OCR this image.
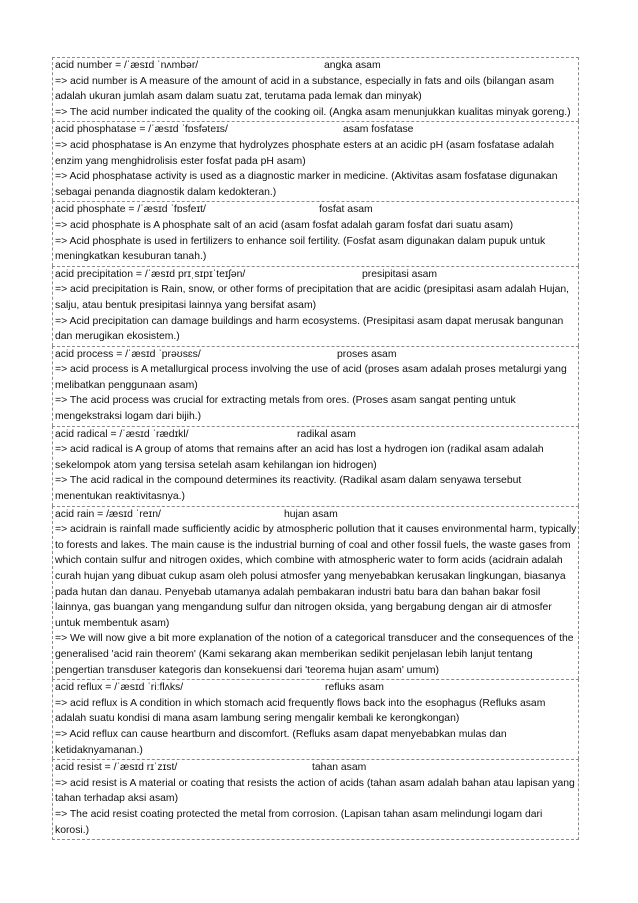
acid number = /ˈæsɪd ˈnʌmbər/	angka asam
=> acid number is A measure of the amount of acid in a substance, especially in fats and oils (bilangan asam adalah ukuran jumlah asam dalam suatu zat, terutama pada lemak dan minyak)
=> The acid number indicated the quality of the cooking oil. (Angka asam menunjukkan kualitas minyak goreng.)
acid phosphatase = /ˈæsɪd ˈfɒsfəteɪs/	asam fosfatase
=> acid phosphatase is An enzyme that hydrolyzes phosphate esters at an acidic pH (asam fosfatase adalah enzim yang menghidrolisis ester fosfat pada pH asam)
=> Acid phosphatase activity is used as a diagnostic marker in medicine. (Aktivitas asam fosfatase digunakan sebagai penanda diagnostik dalam kedokteran.)
acid phosphate = /ˈæsɪd ˈfɒsfeɪt/	fosfat asam
=> acid phosphate is A phosphate salt of an acid (asam fosfat adalah garam fosfat dari suatu asam)
=> Acid phosphate is used in fertilizers to enhance soil fertility. (Fosfat asam digunakan dalam pupuk untuk meningkatkan kesuburan tanah.)
acid precipitation = /ˈæsɪd prɪˌsɪpɪˈteɪʃən/	presipitasi asam
=> acid precipitation is Rain, snow, or other forms of precipitation that are acidic (presipitasi asam adalah Hujan, salju, atau bentuk presipitasi lainnya yang bersifat asam)
=> Acid precipitation can damage buildings and harm ecosystems. (Presipitasi asam dapat merusak bangunan dan merugikan ekosistem.)
acid process = /ˈæsɪd ˈprəʊsɛs/	proses asam
=> acid process is A metallurgical process involving the use of acid (proses asam adalah proses metalurgi yang melibatkan penggunaan asam)
=> The acid process was crucial for extracting metals from ores. (Proses asam sangat penting untuk mengekstraksi logam dari bijih.)
acid radical = /ˈæsɪd ˈrædɪkl/	radikal asam
=> acid radical is A group of atoms that remains after an acid has lost a hydrogen ion (radikal asam adalah sekelompok atom yang tersisa setelah asam kehilangan ion hidrogen)
=> The acid radical in the compound determines its reactivity. (Radikal asam dalam senyawa tersebut menentukan reaktivitasnya.)
acid rain = /æsɪd ˈreɪn/	hujan asam
=> acidrain is rainfall made sufficiently acidic by atmospheric pollution that it causes environmental harm, typically to forests and lakes. The main cause is the industrial burning of coal and other fossil fuels, the waste gases from which contain sulfur and nitrogen oxides, which combine with atmospheric water to form acids (acidrain adalah curah hujan yang dibuat cukup asam oleh polusi atmosfer yang menyebabkan kerusakan lingkungan, biasanya pada hutan dan danau. Penyebab utamanya adalah pembakaran industri batu bara dan bahan bakar fosil lainnya, gas buangan yang mengandung sulfur dan nitrogen oksida, yang bergabung dengan air di atmosfer untuk membentuk asam)
=> We will now give a bit more explanation of the notion of a categorical transducer and the consequences of the generalised 'acid rain theorem' (Kami sekarang akan memberikan sedikit penjelasan lebih lanjut tentang
pengertian transduser kategoris dan konsekuensi dari 'teorema hujan asam' umum)
acid reflux = /ˈæsɪd ˈriːflʌks/	refluks asam
=> acid reflux is A condition in which stomach acid frequently flows back into the esophagus (Refluks asam adalah suatu kondisi di mana asam lambung sering mengalir kembali ke kerongkongan)
=> Acid reflux can cause heartburn and discomfort. (Refluks asam dapat menyebabkan mulas dan ketidaknyamanan.)
acid resist = /ˈæsɪd rɪˈzɪst/	tahan asam
=> acid resist is A material or coating that resists the action of acids (tahan asam adalah bahan atau lapisan yang tahan terhadap aksi asam)
=> The acid resist coating protected the metal from corrosion. (Lapisan tahan asam melindungi logam dari korosi.)
